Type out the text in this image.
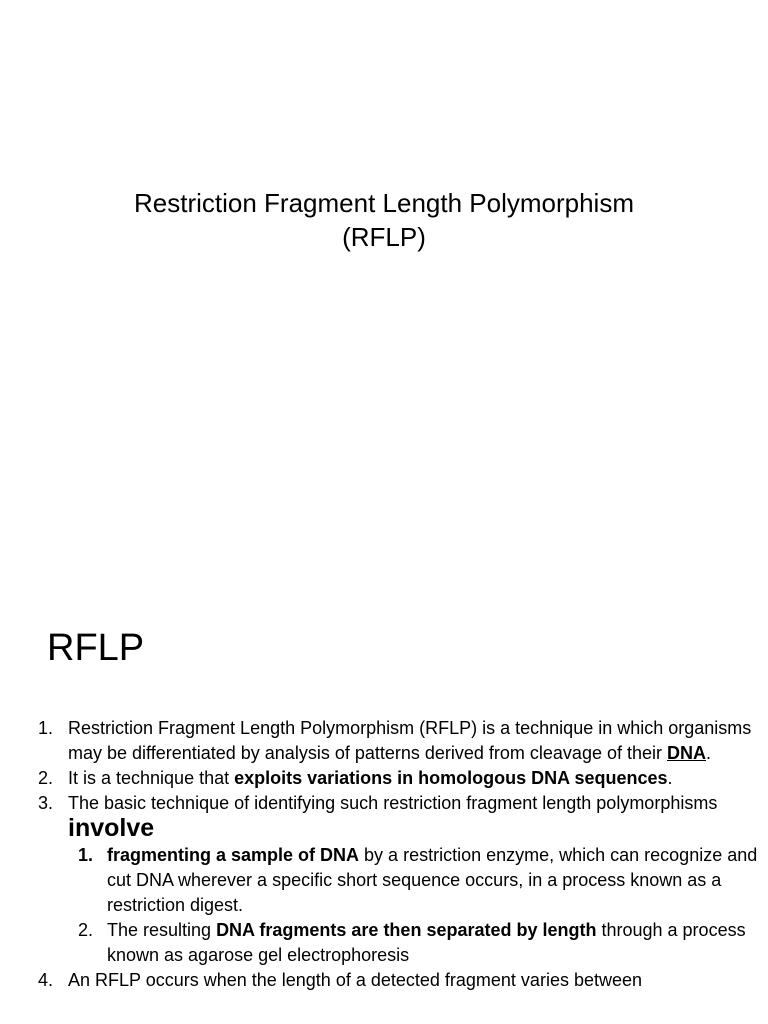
Restriction Fragment Length Polymorphism
(RFLP)
RFLP
1. Restriction Fragment Length Polymorphism (RFLP) is a technique in which organisms may be differentiated by analysis of patterns derived from cleavage of their DNA.
2. It is a technique that exploits variations in homologous DNA sequences.
3. The basic technique of identifying such restriction fragment length polymorphisms involve
1. fragmenting a sample of DNA by a restriction enzyme, which can recognize and cut DNA wherever a specific short sequence occurs, in a process known as a restriction digest.
2. The resulting DNA fragments are then separated by length through a process known as agarose gel electrophoresis
4. An RFLP occurs when the length of a detected fragment varies between
